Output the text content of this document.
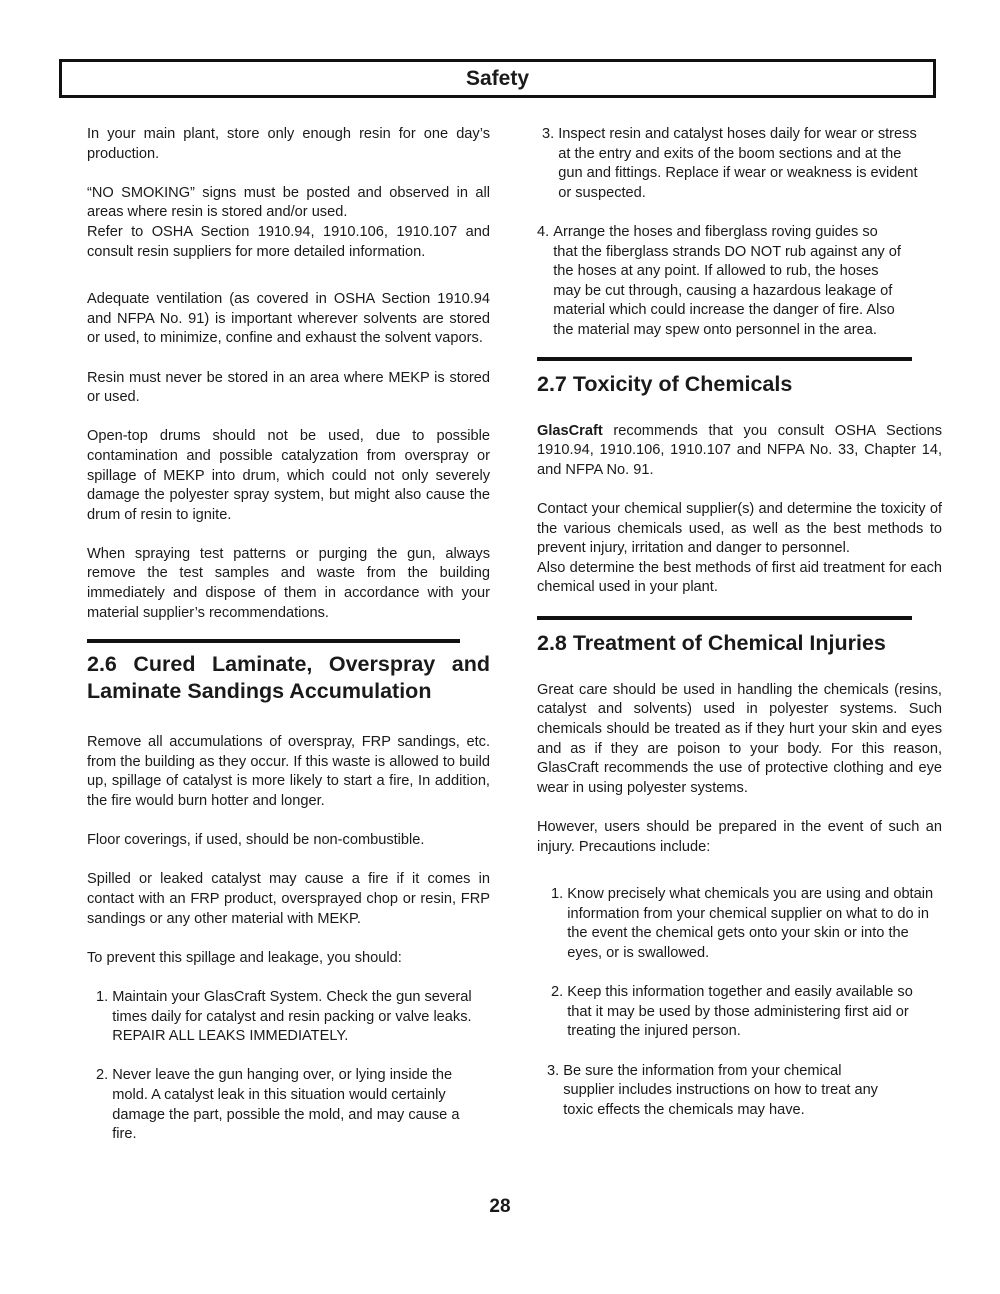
Safety

In your main plant, store only enough resin for one day’s production.

“NO SMOKING” signs must be posted and observed in all areas where resin is stored and/or used.

Refer to OSHA Section 1910.94, 1910.106, 1910.107 and consult resin suppliers for more detailed information.

Adequate ventilation (as covered in OSHA Section 1910.94 and NFPA No. 91) is important wherever solvents are stored or used, to minimize, confine and exhaust the solvent vapors.

Resin must never be stored in an area where MEKP is stored or used.

Open-top drums should not be used, due to possible contamination and possible catalyzation from overspray or spillage of MEKP into drum, which could not only severely damage the polyester spray system, but might also cause the drum of resin to ignite.

When spraying test patterns or purging the gun, always remove the test samples and waste from the building immediately and dispose of them in accordance with your material supplier’s recommendations.

2.6 Cured Laminate, Overspray and Laminate Sandings Accumulation

Remove all accumulations of overspray, FRP sandings, etc. from the building as they occur. If this waste is allowed to build up, spillage of catalyst is more likely to start a fire, In addition, the fire would burn hotter and longer.

Floor coverings, if used, should be non-combustible.

Spilled or leaked catalyst may cause a fire if it comes in contact with an FRP product, oversprayed chop or resin, FRP sandings or any other material with MEKP.

To prevent this spillage and leakage, you should:

1.
Maintain your GlasCraft System. Check the gun several times daily for catalyst and resin packing or valve leaks. REPAIR ALL LEAKS IMMEDIATELY.
2.
Never leave the gun hanging over, or lying inside the mold. A catalyst leak in this situation would certainly damage the part, possible the mold, and may cause a fire.
3.
Inspect resin and catalyst hoses daily for wear or stress at the entry and exits of the boom sections and at the gun and fittings. Replace if wear or weakness is evident or suspected.
4.
Arrange the hoses and fiberglass roving guides so that the fiberglass strands DO NOT rub against any of the hoses at any point. If allowed to rub, the hoses may be cut through, causing a hazardous leakage of material which could increase the danger of fire. Also the material may spew onto personnel in the area.
2.7 Toxicity of Chemicals

GlasCraft recommends that you consult OSHA Sections 1910.94, 1910.106, 1910.107 and NFPA No. 33, Chapter 14, and NFPA No. 91.

Contact your chemical supplier(s) and determine the toxicity of the various chemicals used, as well as the best methods to prevent injury, irritation and danger to personnel.

Also determine the best methods of first aid treatment for each chemical used in your plant.

2.8 Treatment of Chemical Injuries

Great care should be used in handling the chemicals (resins, catalyst and solvents) used in polyester systems. Such chemicals should be treated as if they hurt your skin and eyes and as if they are poison to your body. For this reason, GlasCraft recommends the use of protective clothing and eye wear in using polyester systems.

However, users should be prepared in the event of such an injury. Precautions include:

1.
Know precisely what chemicals you are using and obtain information from your chemical supplier on what to do in the event the chemical gets onto your skin or into the eyes, or is swallowed.
2.
Keep this information together and easily available so that it may be used by those administering first aid or treating the injured person.
3.
Be sure the information from your chemical supplier includes instructions on how to treat any toxic effects the chemicals may have.
28
